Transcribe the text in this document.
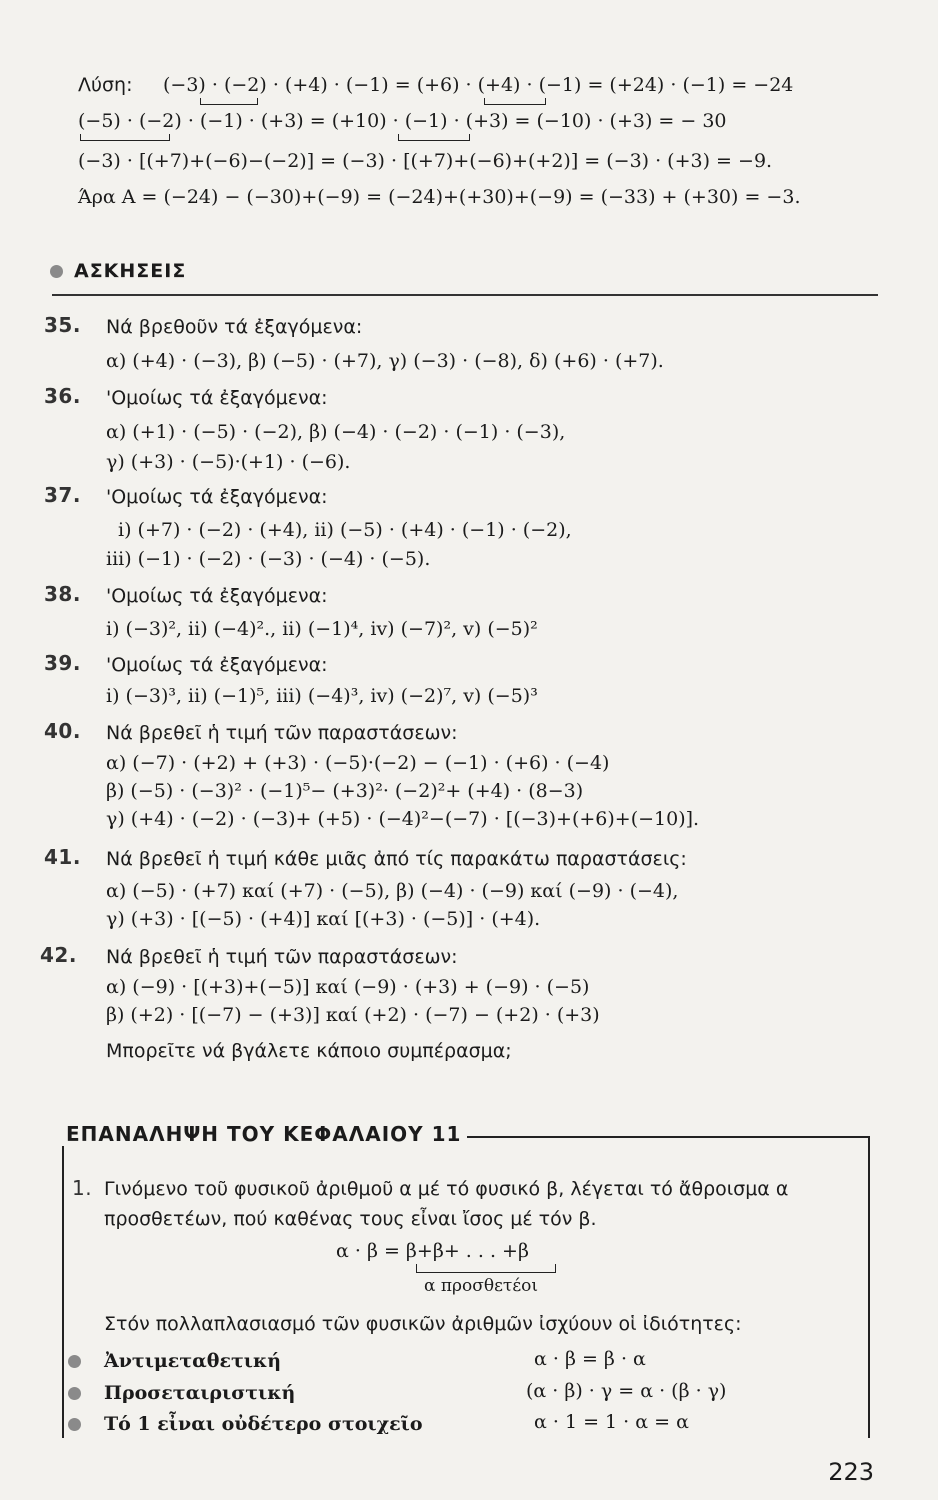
Λύση: (−3) · (−2) · (+4) · (−1) = (+6) · (+4) · (−1) = (+24) · (−1) = −24
(−5) · (−2) · (−1) · (+3) = (+10) · (−1) · (+3) = (−10) · (+3) = − 30
(−3) · [(+7)+(−6)−(−2)] = (−3) · [(+7)+(−6)+(+2)] = (−3) · (+3) = −9.
Άρα A = (−24) − (−30)+(−9) = (−24)+(+30)+(−9) = (−33) + (+30) = −3.
ΑΣΚΗΣΕΙΣ
35. Νά βρεθοῦν τά ἐξαγόμενα:
α) (+4) · (−3), β) (−5) · (+7), γ) (−3) · (−8), δ) (+6) · (+7).
36. 'Ομοίως τά ἐξαγόμενα:
α) (+1) · (−5) · (−2), β) (−4) · (−2) · (−1) · (−3),
γ) (+3) · (−5)·(+1) · (−6).
37. 'Ομοίως τά ἐξαγόμενα:
i) (+7) · (−2) · (+4), ii) (−5) · (+4) · (−1) · (−2),
iii) (−1) · (−2) · (−3) · (−4) · (−5).
38. 'Ομοίως τά ἐξαγόμενα:
i) (−3)², ii) (−4)²., ii) (−1)⁴, iv) (−7)², v) (−5)²
39. 'Ομοίως τά ἐξαγόμενα:
i) (−3)³, ii) (−1)⁵, iii) (−4)³, iv) (−2)⁷, v) (−5)³
40. Νά βρεθεῖ ἡ τιμή τῶν παραστάσεων:
α) (−7) · (+2) + (+3) · (−5)·(−2) − (−1) · (+6) · (−4)
β) (−5) · (−3)² · (−1)⁵− (+3)²· (−2)²+ (+4) · (8−3)
γ) (+4) · (−2) · (−3)+ (+5) · (−4)²−(−7) · [(−3)+(+6)+(−10)].
41. Νά βρεθεῖ ἡ τιμή κάθε μιᾶς ἀπό τίς παρακάτω παραστάσεις:
α) (−5) · (+7) καί (+7) · (−5), β) (−4) · (−9) καί (−9) · (−4),
γ) (+3) · [(−5) · (+4)] καί [(+3) · (−5)] · (+4).
42. Νά βρεθεῖ ἡ τιμή τῶν παραστάσεων:
α) (−9) · [(+3)+(−5)] καί (−9) · (+3) + (−9) · (−5)
β) (+2) · [(−7) − (+3)] καί (+2) · (−7) − (+2) · (+3)
Μπορεῖτε νά βγάλετε κάποιο συμπέρασμα;
ΕΠΑΝΑΛΗΨΗ ΤΟΥ ΚΕΦΑΛΑΙΟΥ 11
1. Γινόμενο τοῦ φυσικοῦ ἀριθμοῦ α μέ τό φυσικό β, λέγεται τό ἄθροισμα α
προσθετέων, πού καθένας τους εἶναι ἴσος μέ τόν β.
α · β = β+β+ . . . +β
α προσθετέοι
Στόν πολλαπλασιασμό τῶν φυσικῶν ἀριθμῶν ἰσχύουν οἱ ἰδιότητες:
Ἀντιμεταθετική	α · β = β · α
Προσεταιριστική	(α · β) · γ = α · (β · γ)
Τό 1 εἶναι οὐδέτερο στοιχεῖο	α · 1 = 1 · α = α
223
